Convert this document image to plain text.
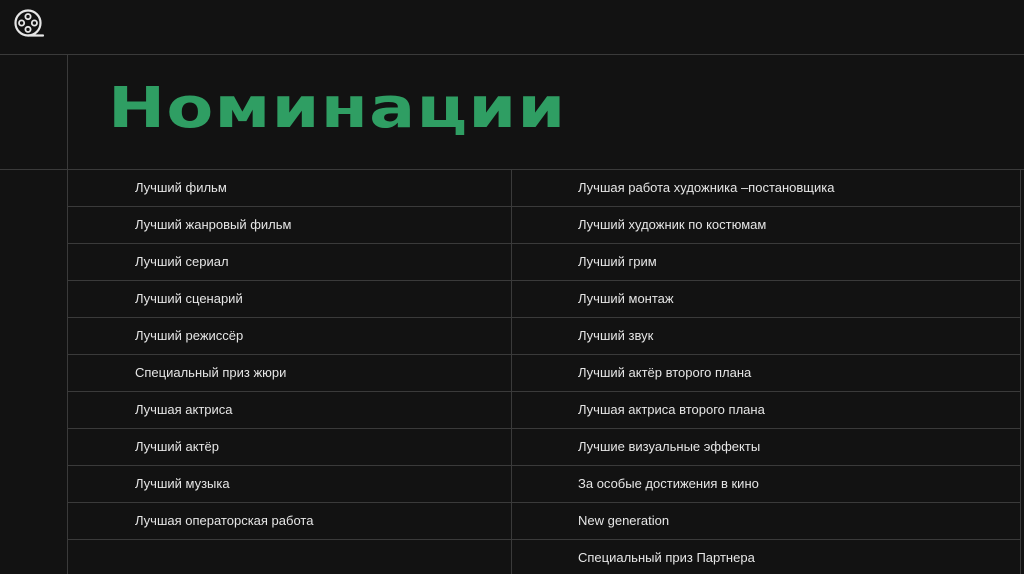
Номинации
Лучший фильм
Лучший жанровый фильм
Лучший сериал
Лучший сценарий
Лучший режиссёр
Специальный приз жюри
Лучшая актриса
Лучший актёр
Лучший музыка
Лучшая операторская работа
Лучшая работа художника –постановщика
Лучший художник по костюмам
Лучший грим
Лучший монтаж
Лучший звук
Лучший актёр второго плана
Лучшая актриса второго плана
Лучшие визуальные эффекты
За особые достижения в кино
New generation
Специальный приз Партнера
